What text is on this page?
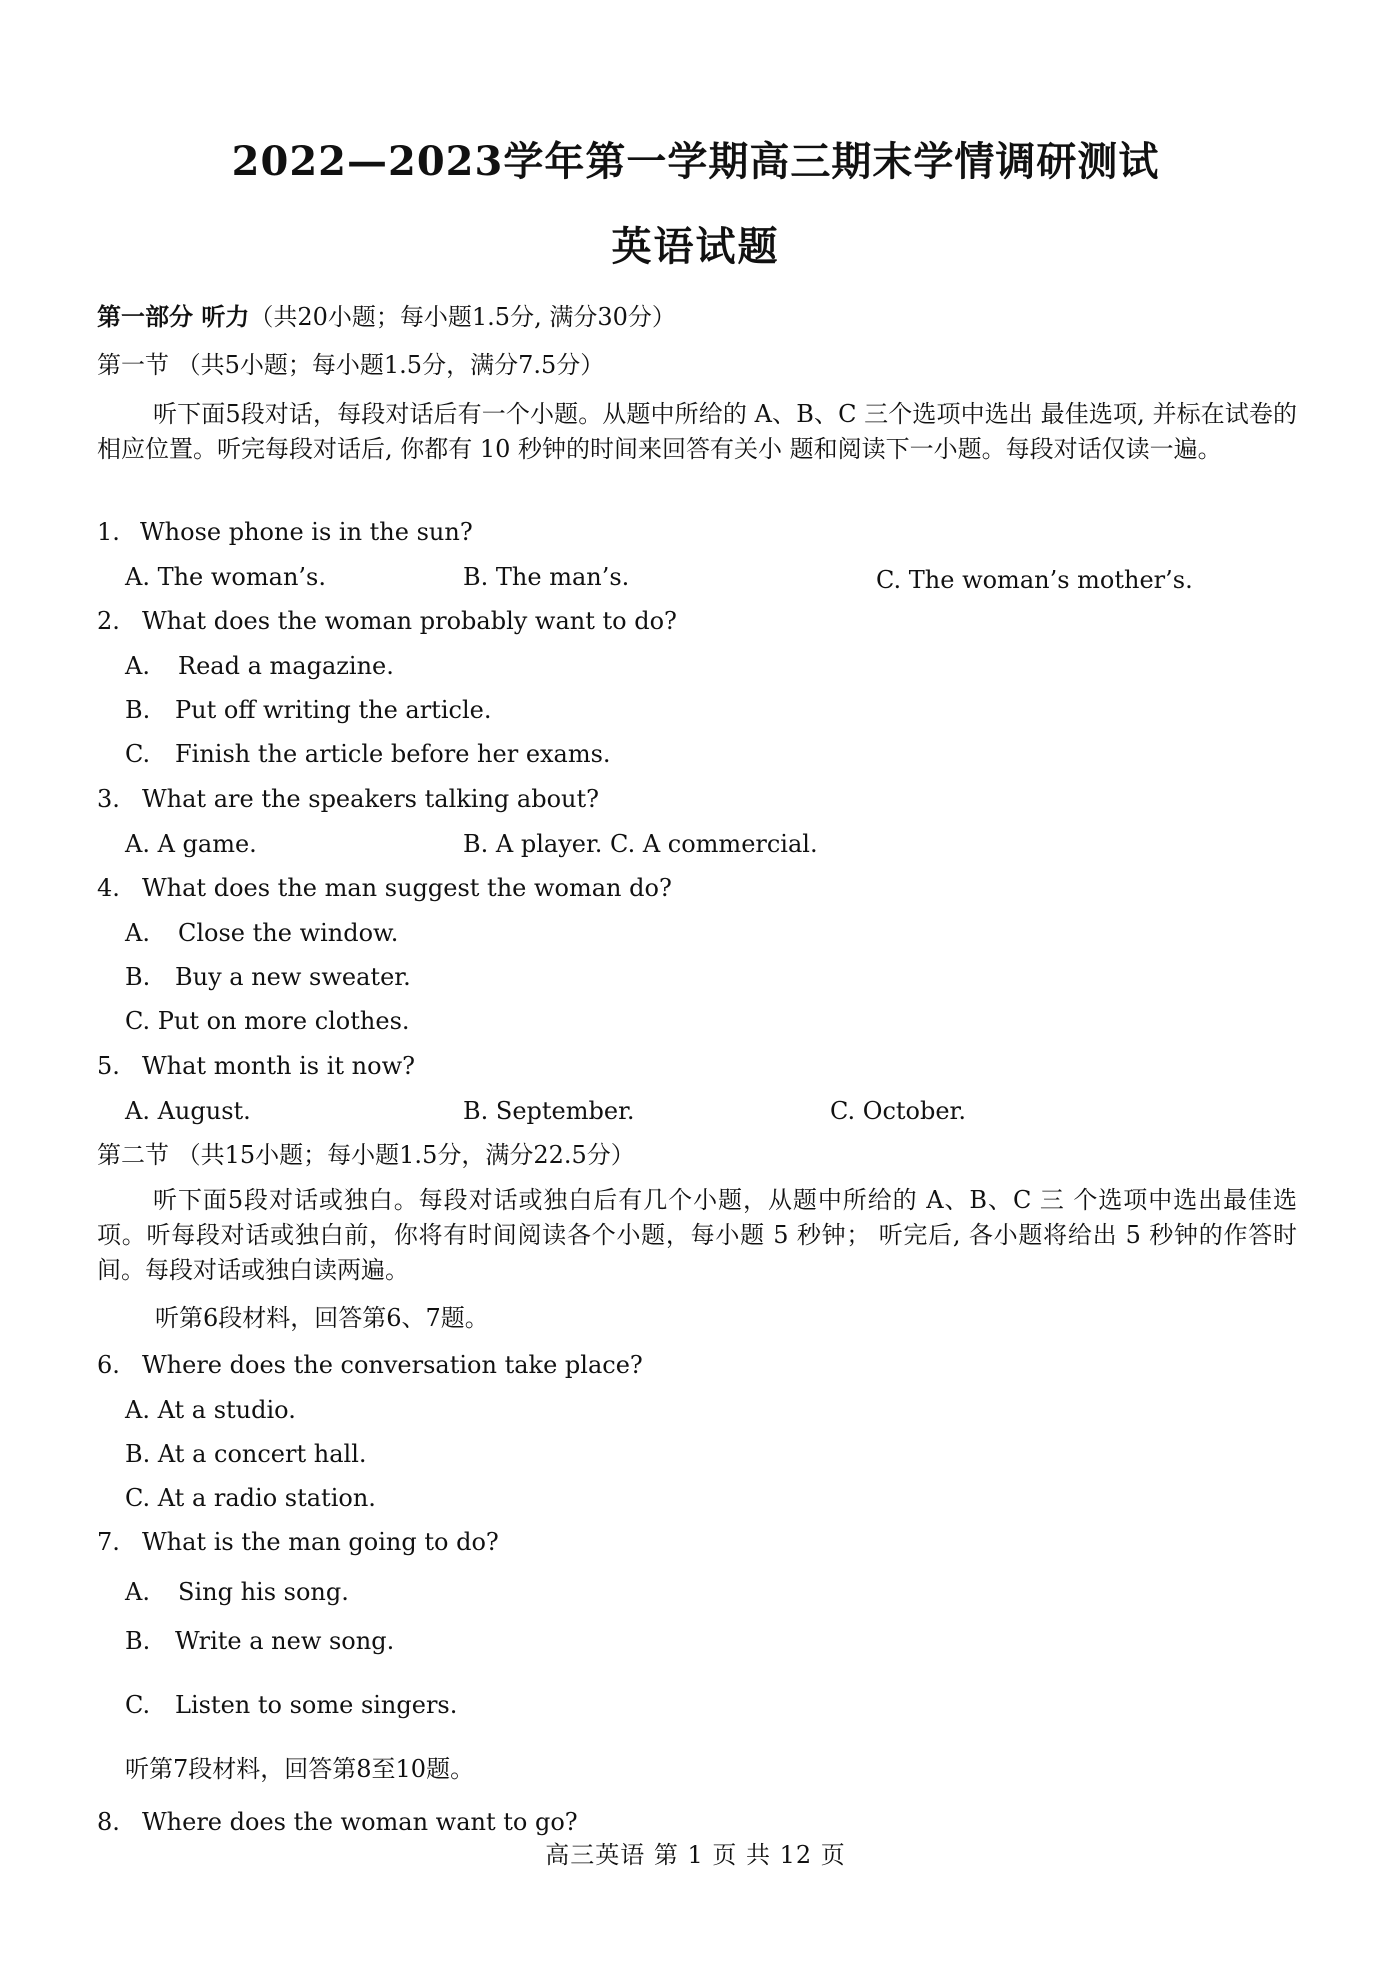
2022—2023学年第一学期高三期末学情调研测试
英语试题
第一部分 听力（共20小题；每小题1.5分, 满分30分）
第一节 （共5小题；每小题1.5分，满分7.5分）
听下面5段对话，每段对话后有一个小题。从题中所给的 A、B、C 三个选项中选出 最佳选项, 并标在试卷的相应位置。听完每段对话后, 你都有 10 秒钟的时间来回答有关小 题和阅读下一小题。每段对话仅读一遍。
1. Whose phone is in the sun?
A. The woman’s.	B. The man’s.	C. The woman’s mother’s.
2. What does the woman probably want to do?
A. Read a magazine.
B. Put off writing the article.
C. Finish the article before her exams.
3. What are the speakers talking about?
A. A game.	B. A player. C. A commercial.
4. What does the man suggest the woman do?
A. Close the window.
B. Buy a new sweater.
C. Put on more clothes.
5. What month is it now?
A. August.	B. September.	C. October.
第二节 （共15小题；每小题1.5分，满分22.5分）
听下面5段对话或独白。每段对话或独白后有几个小题，从题中所给的 A、B、C 三 个选项中选出最佳选项。听每段对话或独白前，你将有时间阅读各个小题，每小题 5 秒钟； 听完后, 各小题将给出 5 秒钟的作答时间。每段对话或独白读两遍。
听第6段材料，回答第6、7题。
6. Where does the conversation take place?
A. At a studio.
B. At a concert hall.
C. At a radio station.
7. What is the man going to do?
A. Sing his song.
B. Write a new song.
C. Listen to some singers.
听第7段材料，回答第8至10题。
8. Where does the woman want to go?
高三英语 第 1 页 共 12 页
